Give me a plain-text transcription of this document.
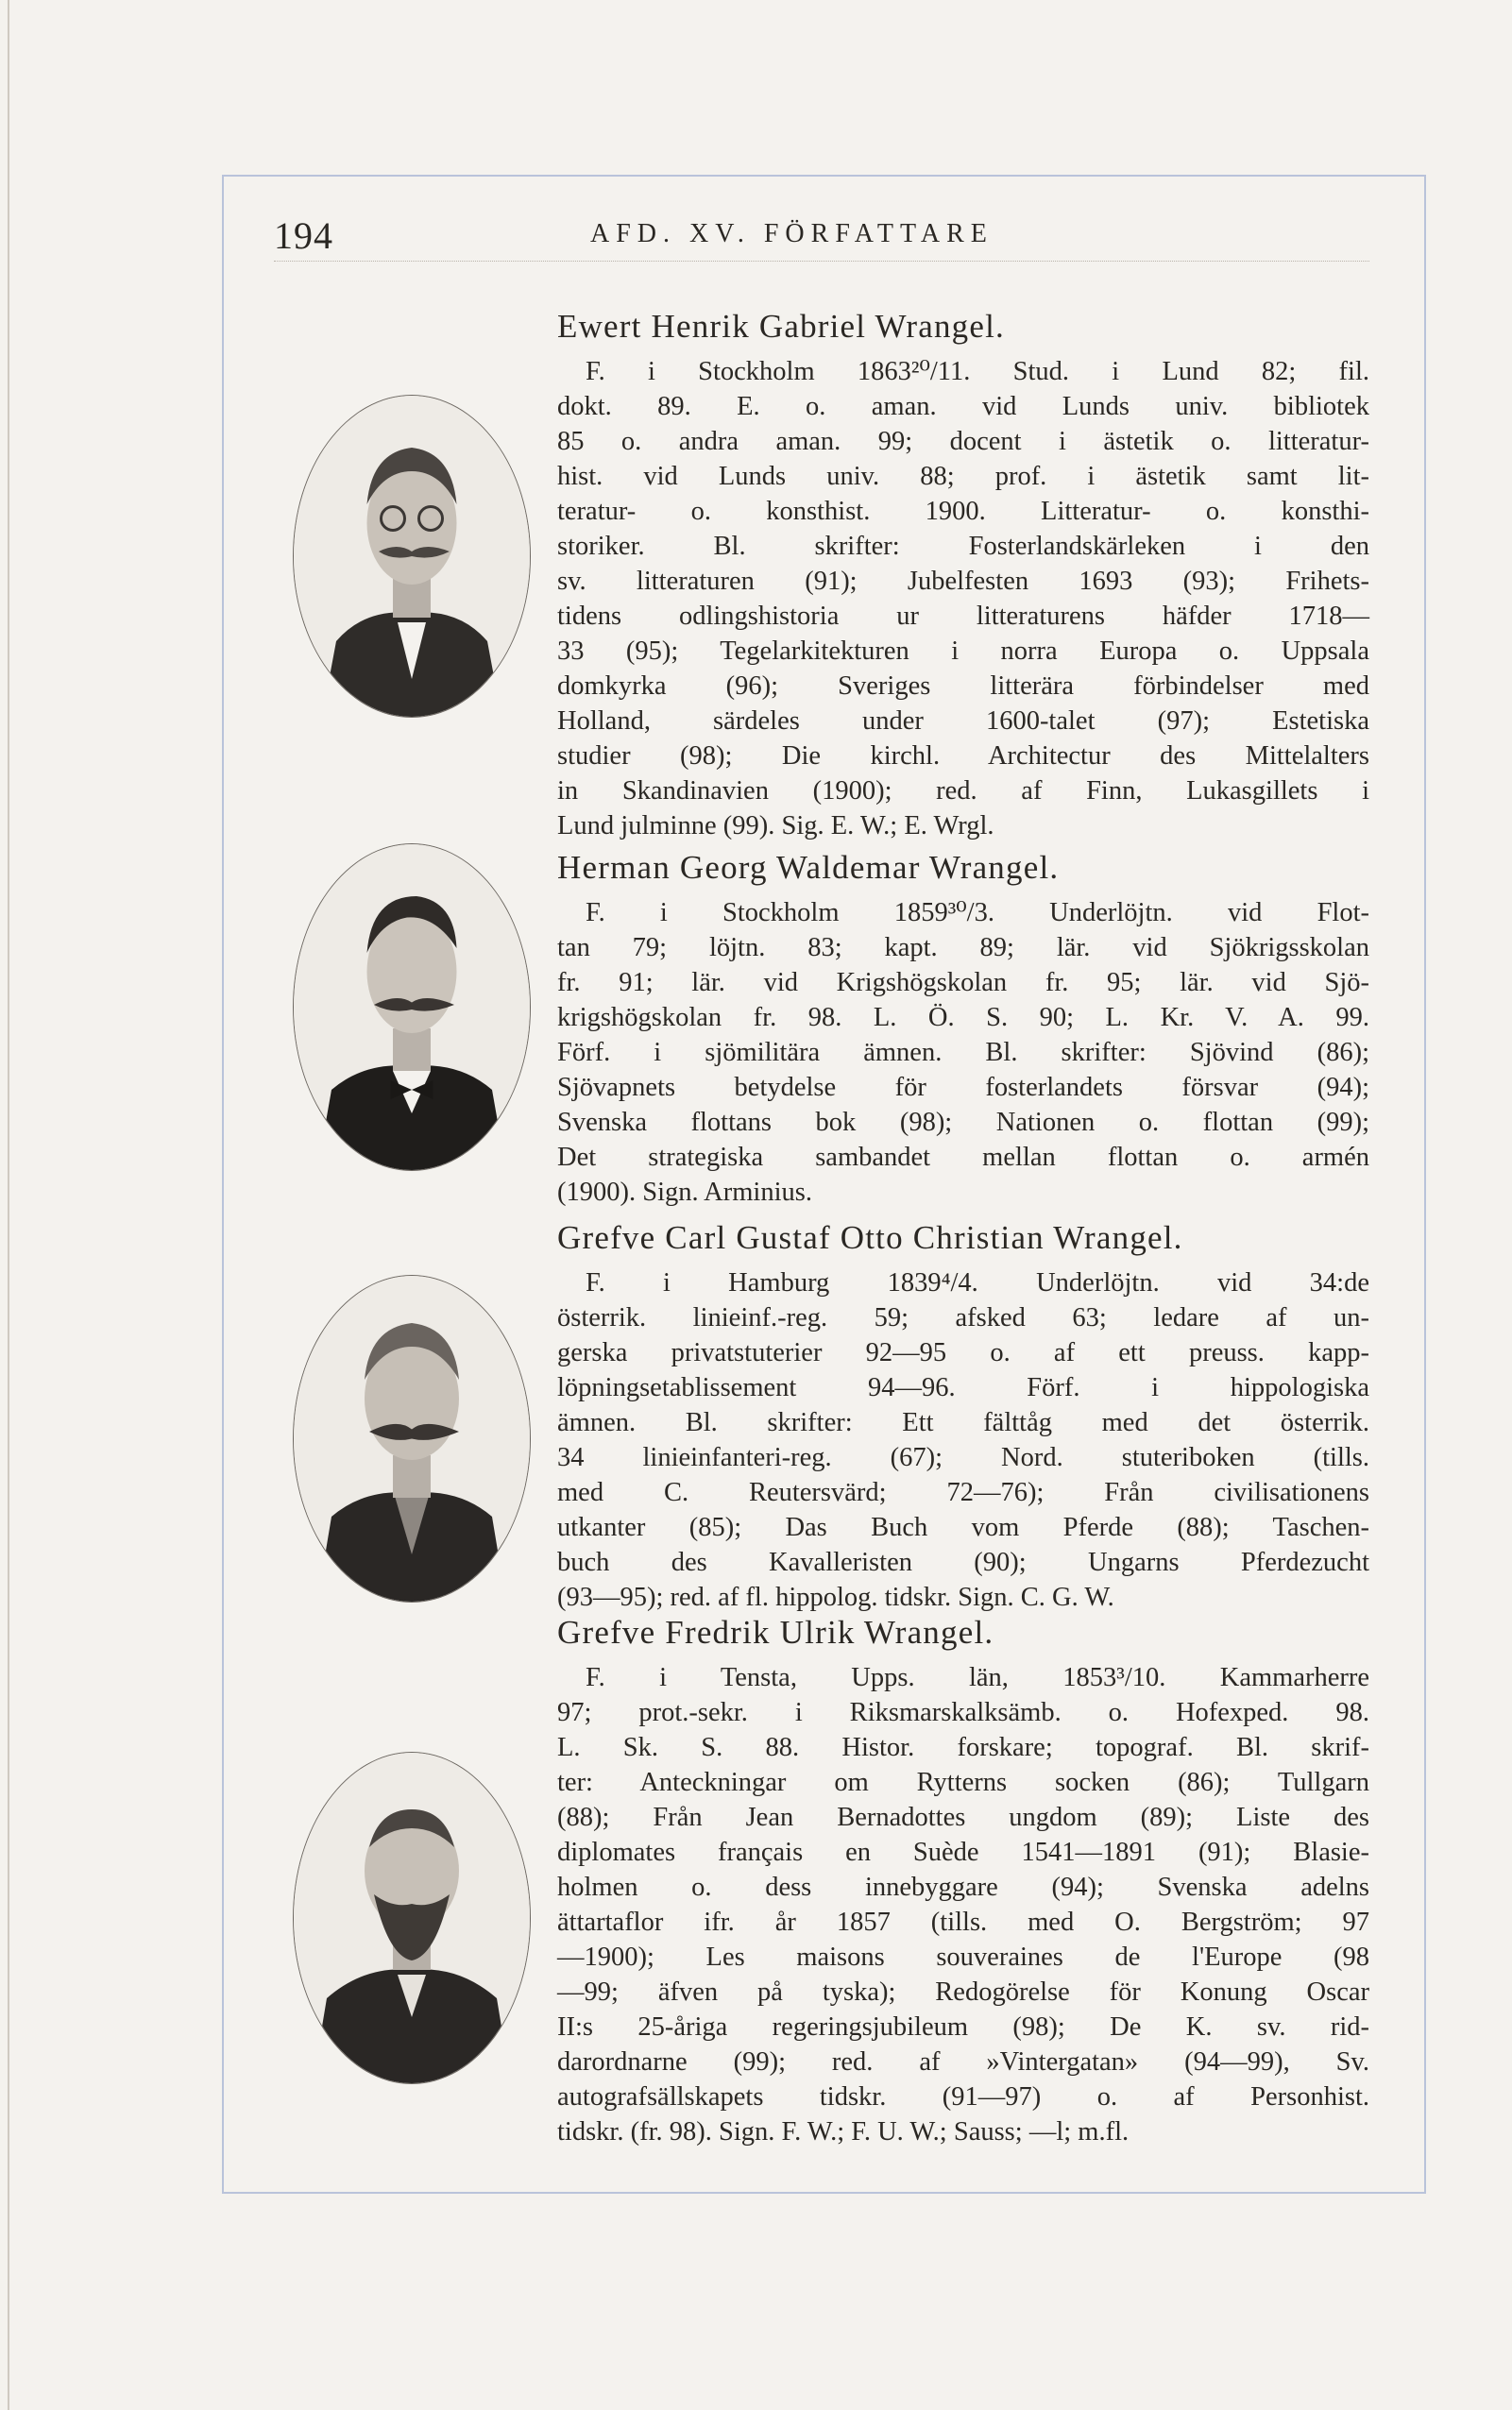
194	AFD. XV. FÖRFATTARE
Ewert Henrik Gabriel Wrangel.
F. i Stockholm 1863²⁰/11. Stud. i Lund 82; fil.
dokt. 89. E. o. aman. vid Lunds univ. bibliotek
85 o. andra aman. 99; docent i ästetik o. litteratur-
hist. vid Lunds univ. 88; prof. i ästetik samt lit-
teratur- o. konsthist. 1900. Litteratur- o. konsthi-
storiker. Bl. skrifter: Fosterlandskärleken i den
sv. litteraturen (91); Jubelfesten 1693 (93); Frihets-
tidens odlingshistoria ur litteraturens häfder 1718—
33 (95); Tegelarkitekturen i norra Europa o. Uppsala
domkyrka (96); Sveriges litterära förbindelser med
Holland, särdeles under 1600-talet (97); Estetiska
studier (98); Die kirchl. Architectur des Mittelalters
in Skandinavien (1900); red. af Finn, Lukasgillets i
Lund julminne (99). Sig. E. W.; E. Wrgl.
Herman Georg Waldemar Wrangel.
F. i Stockholm 1859³⁰/3. Underlöjtn. vid Flot-
tan 79; löjtn. 83; kapt. 89; lär. vid Sjökrigsskolan
fr. 91; lär. vid Krigshögskolan fr. 95; lär. vid Sjö-
krigshögskolan fr. 98. L. Ö. S. 90; L. Kr. V. A. 99.
Förf. i sjömilitära ämnen. Bl. skrifter: Sjövind (86);
Sjövapnets betydelse för fosterlandets försvar (94);
Svenska flottans bok (98); Nationen o. flottan (99);
Det strategiska sambandet mellan flottan o. armén
(1900). Sign. Arminius.
Grefve Carl Gustaf Otto Christian Wrangel.
F. i Hamburg 1839⁴/4. Underlöjtn. vid 34:de
österrik. linieinf.-reg. 59; afsked 63; ledare af un-
gerska privatstuterier 92—95 o. af ett preuss. kapp-
löpningsetablissement 94—96. Förf. i hippologiska
ämnen. Bl. skrifter: Ett fälttåg med det österrik.
34 linieinfanteri-reg. (67); Nord. stuteriboken (tills.
med C. Reutersvärd; 72—76); Från civilisationens
utkanter (85); Das Buch vom Pferde (88); Taschen-
buch des Kavalleristen (90); Ungarns Pferdezucht
(93—95); red. af fl. hippolog. tidskr. Sign. C. G. W.
Grefve Fredrik Ulrik Wrangel.
F. i Tensta, Upps. län, 1853³/10. Kammarherre
97; prot.-sekr. i Riksmarskalksämb. o. Hofexped. 98.
L. Sk. S. 88. Histor. forskare; topograf. Bl. skrif-
ter: Anteckningar om Rytterns socken (86); Tullgarn
(88); Från Jean Bernadottes ungdom (89); Liste des
diplomates français en Suède 1541—1891 (91); Blasie-
holmen o. dess innebyggare (94); Svenska adelns
ättartaflor ifr. år 1857 (tills. med O. Bergström; 97
—1900); Les maisons souveraines de l'Europe (98
—99; äfven på tyska); Redogörelse för Konung Oscar
II:s 25-åriga regeringsjubileum (98); De K. sv. rid-
darordnarne (99); red. af »Vintergatan» (94—99), Sv.
autografsällskapets tidskr. (91—97) o. af Personhist.
tidskr. (fr. 98). Sign. F. W.; F. U. W.; Sauss; —l; m.fl.
